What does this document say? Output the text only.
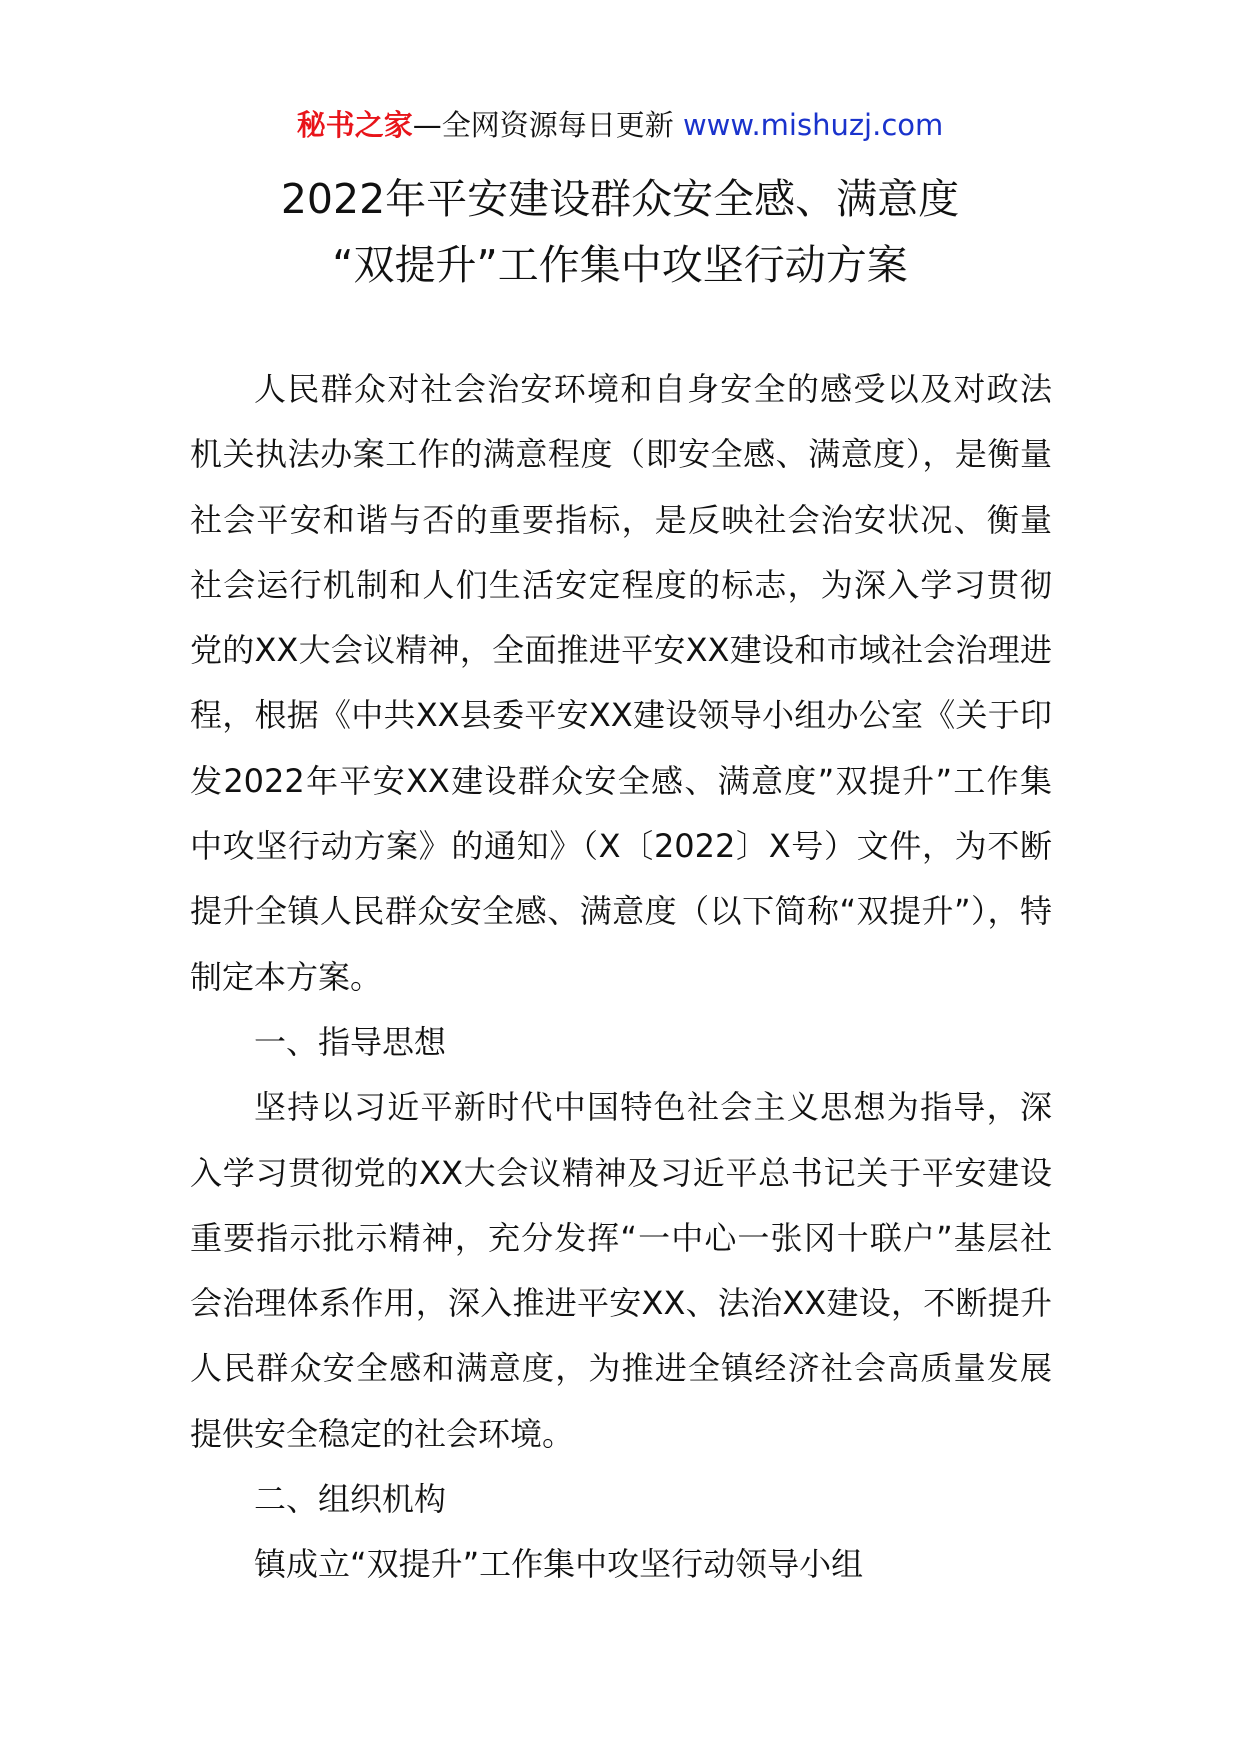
秘书之家—全网资源每日更新 www.mishuzj.com
2022年平安建设群众安全感、满意度
“双提升”工作集中攻坚行动方案

人民群众对社会治安环境和自身安全的感受以及对政法机关执法办案工作的满意程度（即安全感、满意度），是衡量社会平安和谐与否的重要指标，是反映社会治安状况、衡量社会运行机制和人们生活安定程度的标志，为深入学习贯彻党的XX大会议精神，全面推进平安XX建设和市域社会治理进程，根据《中共XX县委平安XX建设领导小组办公室《关于印发2022年平安XX建设群众安全感、满意度”双提升”工作集中攻坚行动方案》的通知》（X〔2022〕X号）文件，为不断提升全镇人民群众安全感、满意度（以下简称“双提升”），特制定本方案。

一、指导思想

坚持以习近平新时代中国特色社会主义思想为指导，深入学习贯彻党的XX大会议精神及习近平总书记关于平安建设重要指示批示精神，充分发挥“一中心一张冈十联户”基层社会治理体系作用，深入推进平安XX、法治XX建设，不断提升人民群众安全感和满意度，为推进全镇经济社会高质量发展提供安全稳定的社会环境。

二、组织机构

镇成立“双提升”工作集中攻坚行动领导小组
